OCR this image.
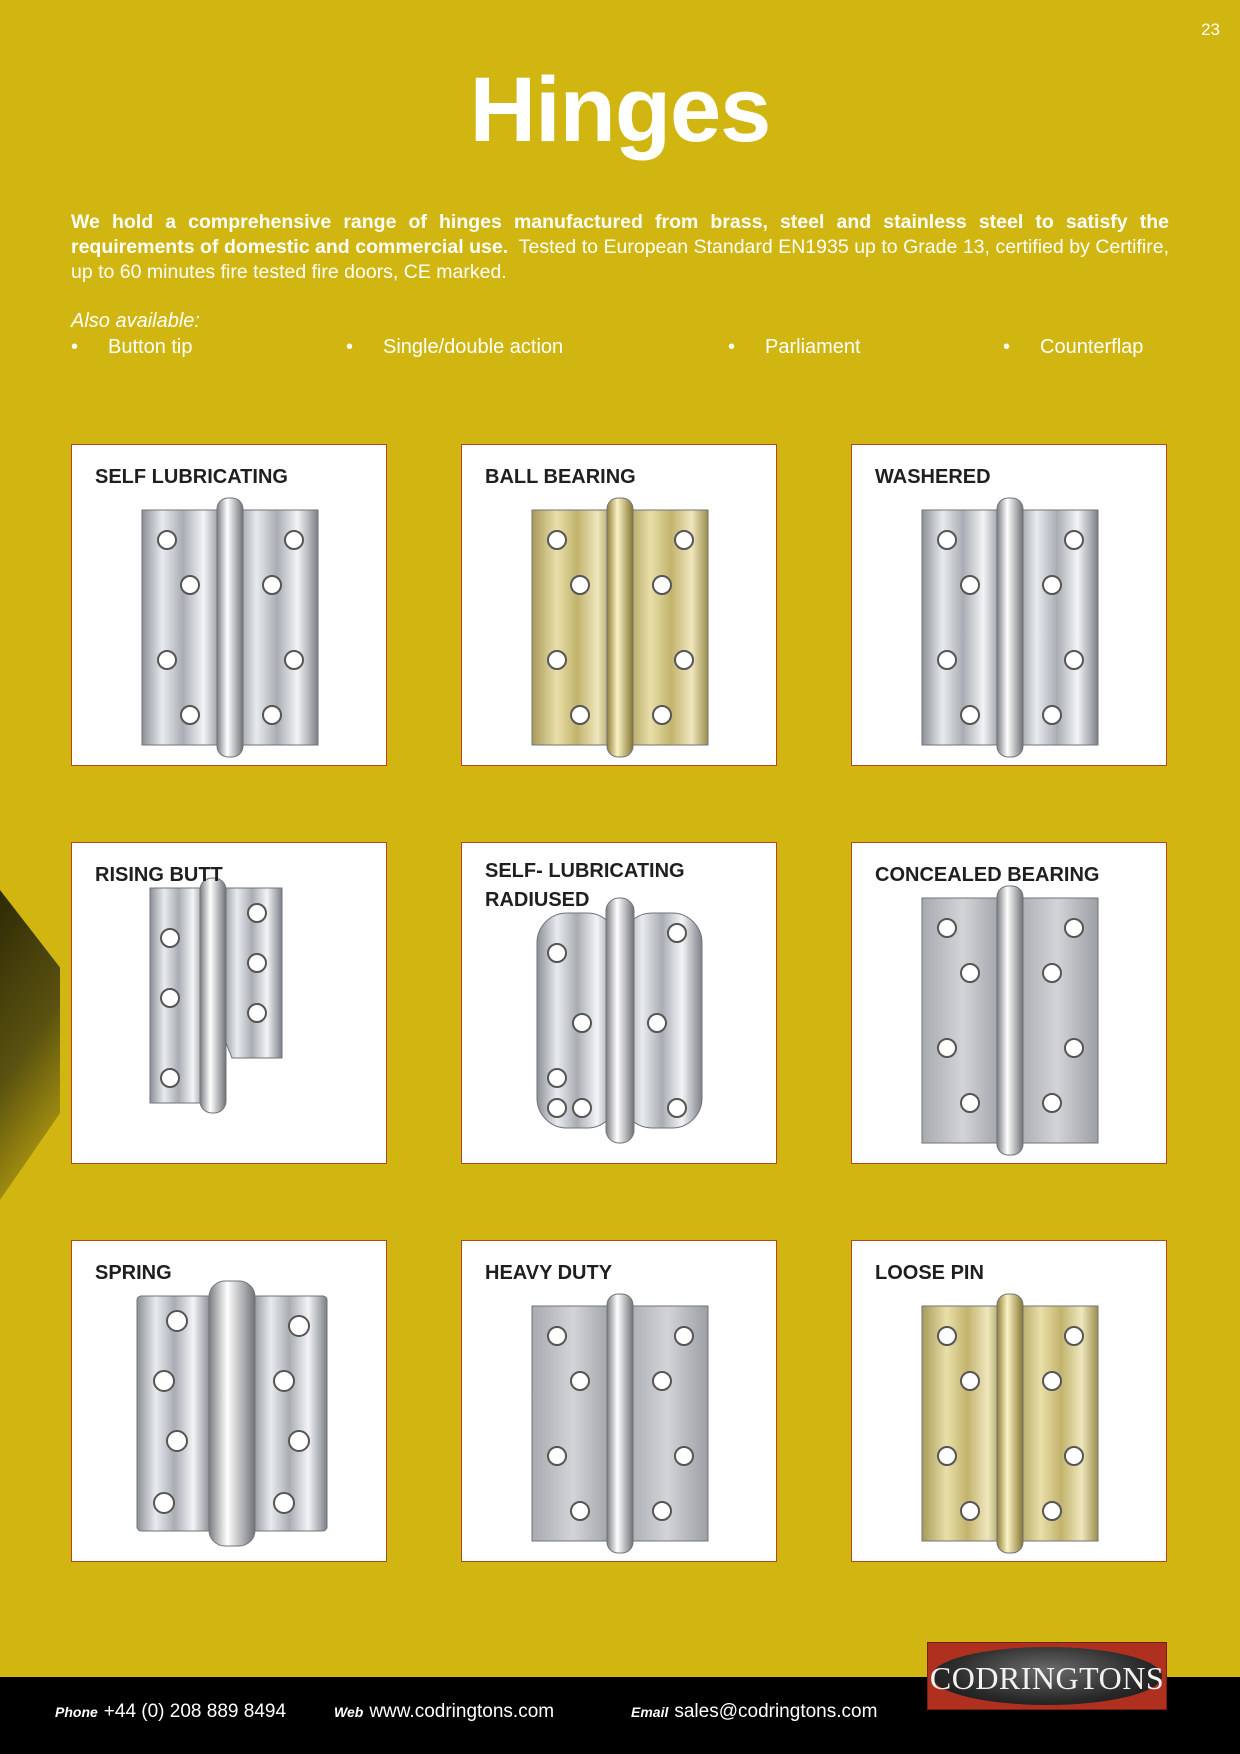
23
Hinges

We hold a comprehensive range of hinges manufactured from brass, steel and stainless steel to satisfy the requirements of domestic and commercial use. Tested to European Standard EN1935 up to Grade 13, certified by Certifire, up to 60 minutes fire tested fire doors, CE marked.

Also available:
• Button tip	• Single/double action	• Parliament	• Counterflap
SELF LUBRICATING	BALL BEARING	WASHERED
RISING BUTT	SELF- LUBRICATING RADIUSED
CONCEALED BEARING
SPRING	HEAVY DUTY	LOOSE PIN
Phone +44 (0) 208 889 8494	Web www.codringtons.com	Email sales@codringtons.com
CODRINGTONS
